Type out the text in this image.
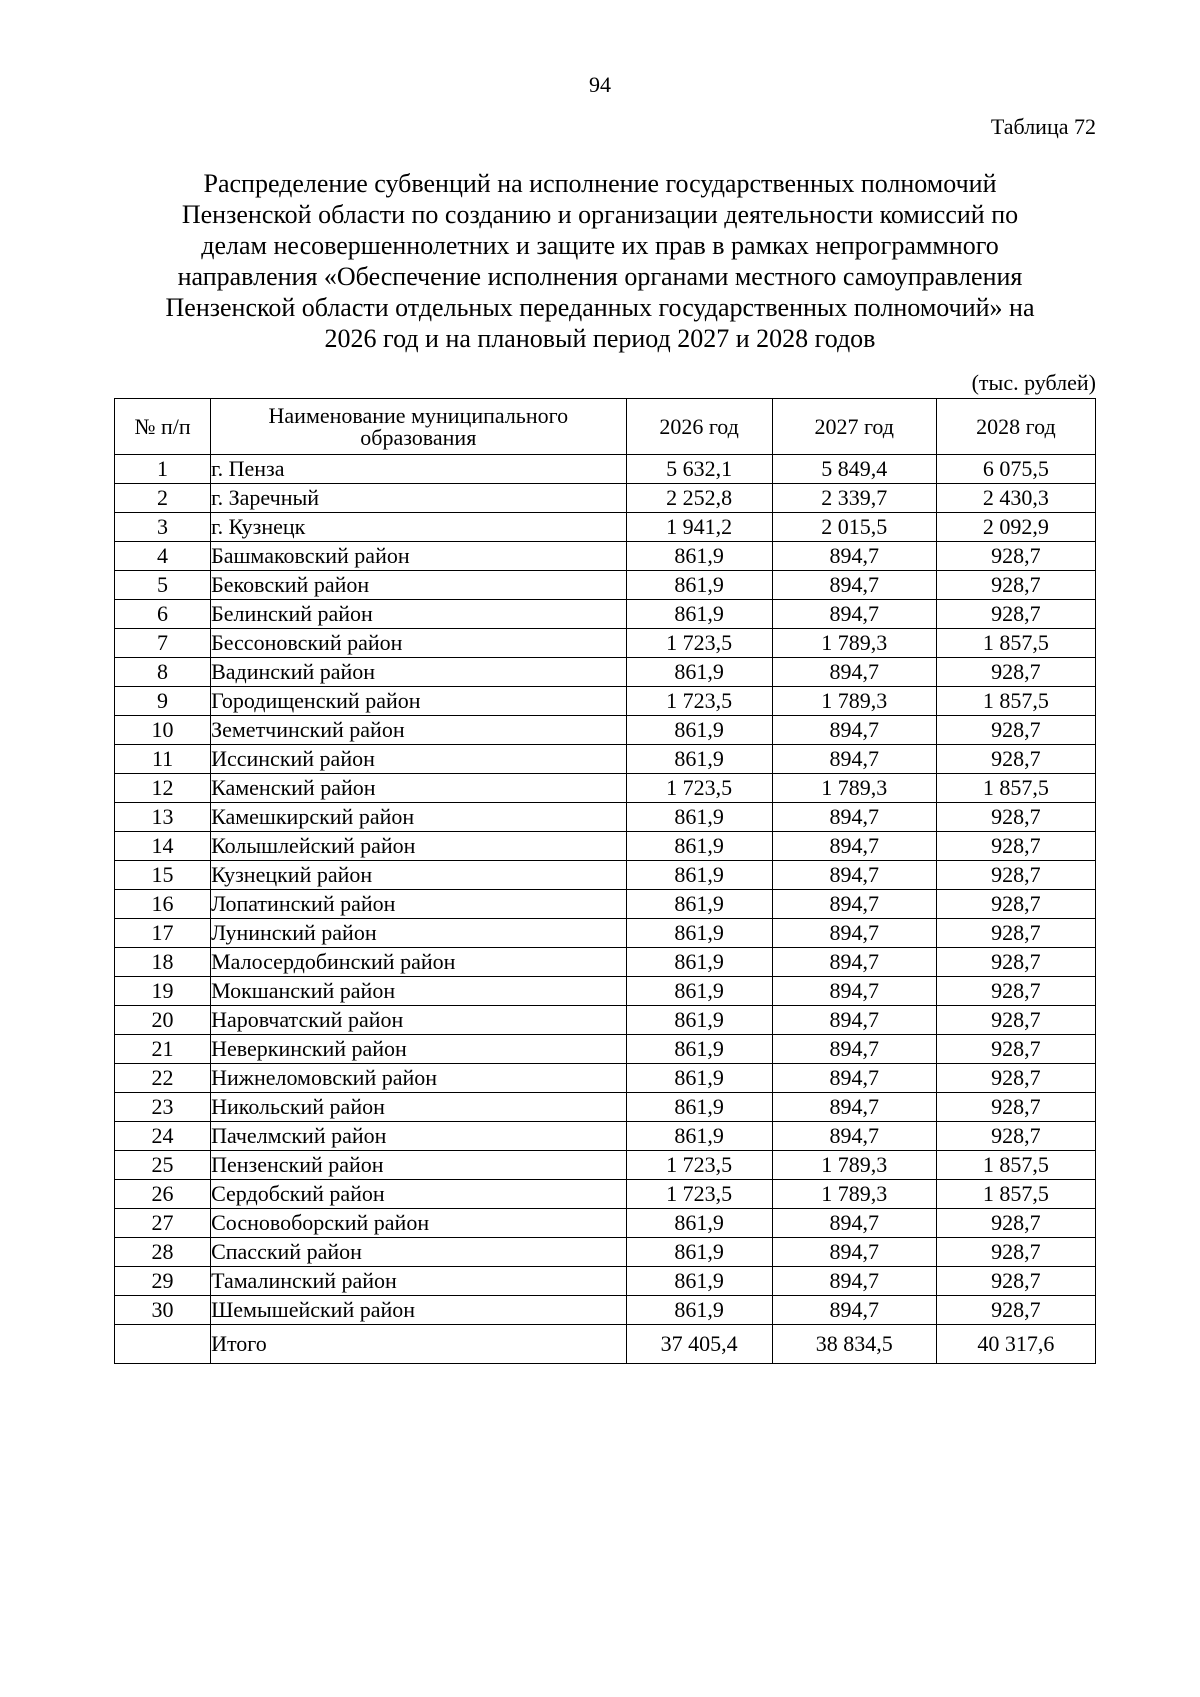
94
Таблица 72
Распределение субвенций на исполнение государственных полномочий
Пензенской области по созданию и организации деятельности комиссий по
делам несовершеннолетних и защите их прав в рамках непрограммного
направления «Обеспечение исполнения органами местного самоуправления
Пензенской области отдельных переданных государственных полномочий» на
2026 год и на плановый период 2027 и 2028 годов
(тыс. рублей)
№ п/п	Наименование муниципального образования	2026 год	2027 год	2028 год
1	г. Пенза	5 632,1	5 849,4	6 075,5
2	г. Заречный	2 252,8	2 339,7	2 430,3
3	г. Кузнецк	1 941,2	2 015,5	2 092,9
4	Башмаковский район	861,9	894,7	928,7
5	Бековский район	861,9	894,7	928,7
6	Белинский район	861,9	894,7	928,7
7	Бессоновский район	1 723,5	1 789,3	1 857,5
8	Вадинский район	861,9	894,7	928,7
9	Городищенский район	1 723,5	1 789,3	1 857,5
10	Земетчинский район	861,9	894,7	928,7
11	Иссинский район	861,9	894,7	928,7
12	Каменский район	1 723,5	1 789,3	1 857,5
13	Камешкирский район	861,9	894,7	928,7
14	Колышлейский район	861,9	894,7	928,7
15	Кузнецкий район	861,9	894,7	928,7
16	Лопатинский район	861,9	894,7	928,7
17	Лунинский район	861,9	894,7	928,7
18	Малосердобинский район	861,9	894,7	928,7
19	Мокшанский район	861,9	894,7	928,7
20	Наровчатский район	861,9	894,7	928,7
21	Неверкинский район	861,9	894,7	928,7
22	Нижнеломовский район	861,9	894,7	928,7
23	Никольский район	861,9	894,7	928,7
24	Пачелмский район	861,9	894,7	928,7
25	Пензенский район	1 723,5	1 789,3	1 857,5
26	Сердобский район	1 723,5	1 789,3	1 857,5
27	Сосновоборский район	861,9	894,7	928,7
28	Спасский район	861,9	894,7	928,7
29	Тамалинский район	861,9	894,7	928,7
30	Шемышейский район	861,9	894,7	928,7
	Итого	37 405,4	38 834,5	40 317,6
